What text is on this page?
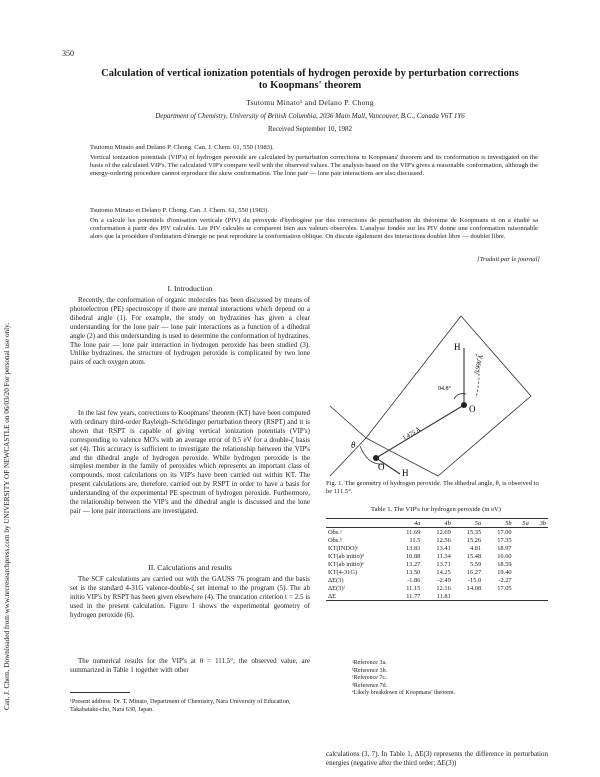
350
Calculation of vertical ionization potentials of hydrogen peroxide by perturbation corrections to Koopmans' theorem
Tsutomu Minato¹ and Delano P. Chong
Department of Chemistry, University of British Columbia, 2036 Main Mall, Vancouver, B.C., Canada V6T 1Y6
Received September 10, 1982
Tsutomu Minato and Delano P. Chong. Can. J. Chem. 61, 550 (1983).
Vertical ionization potentials (VIP's) of hydrogen peroxide are calculated by perturbation corrections to Koopmans' theorem and its conformation is investigated on the basis of the calculated VIP's. The calculated VIP's compare well with the observed values. The analysis based on the VIP's gives a reasonable conformation, although the energy-ordering procedure cannot reproduce the skew conformation. The lone pair — lone pair interactions are also discussed.
Tsutomu Minato et Delano P. Chong. Can. J. Chem. 61, 550 (1983).
On a calculé les potentiels d'ionisation verticale (PIV) du peroxyde d'hydrogène par des corrections de perturbation du théorème de Koopmans et on a étudié sa conformation à partir des PIV calculés. Les PIV calculés se comparent bien aux valeurs observées. L'analyse fondée sur les PIV donne une conformation raisonnable alors que la procédure d'ordination d'énergie ne peut reproduire la conformation oblique. On discute également des interactions doublet libre — doublet libre.
[Traduit par le journal]
Can. J. Chem. Downloaded from www.nrcresearchpress.com by UNIVERSITY OF NEWCASTLE on 06/03/20 For personal use only.
I. Introduction
Recently, the conformation of organic molecules has been discussed by means of photoelectron (PE) spectroscopy if there are mental interactions which depend on a dihedral angle (1). For example, the study on hydrazines has given a clear understanding for the lone pair — lone pair interactions as a function of a dihedral angle (2) and this understanding is used to determine the conformation of hydrazines. The lone pair — lone pair interaction in hydrogen peroxide has been studied (3). Unlike hydrazines, the structure of hydrogen peroxide is complicated by two lone pairs of each oxygen atom.
In the last few years, corrections to Koopmans' theorem (KT) have been computed with ordinary third-order Rayleigh–Schrödinger perturbation theory (RSPT) and it is shown that RSPT is capable of giving vertical ionization potentials (VIP's) corresponding to valence MO's with an average error of 0.5 eV for a double-ζ basis set (4). This accuracy is sufficient to investigate the relationship between the VIP's and the dihedral angle of hydrogen peroxide. While hydrogen peroxide is the simplest member in the family of peroxides which represents an important class of compounds, most calculations on its VIP's have been carried out within KT. The present calculations are, therefore, carried out by RSPT in order to have a basis for understanding of the experimental PE spectrum of hydrogen peroxide. Furthermore, the relationship between the VIP's and the dihedral angle is discussed and the lone pair — lone pair interactions are investigated.
II. Calculations and results
The SCF calculations are carried out with the GAUSS 76 program and the basis set is the standard 4-31G valence-double-ζ set internal to the program (5). The ab initio VIP's by RSPT has been given elsewhere (4). The truncation criterion t = 2.5 is used in the present calculation. Figure 1 shows the experimental geometry of hydrogen peroxide (6).
The numerical results for the VIP's at θ = 111.5°, the observed value, are summarized in Table 1 together with other
¹Present address: Dr. T. Minato, Department of Chemistry, Nara University of Education, Takabatake-cho, Nara 630, Japan.
H
O
O
H
θ
0.950 Å
1.475 Å
94.8°
Fig. 1. The geometry of hydrogen peroxide. The dihedral angle, θ, is observed to be 111.5°.
Table 1. The VIP's for hydrogen peroxide (in eV)
	4a	4b	5a	5b	5a	3b
Obs.ᵃ	11.69	12.69	15.35	17.00		
Obs.ᵇ	11.5	12.56	15.26	17.35		
KT(INDO)ᶜ	13.83	13.41	4.81	18.97		
KT(ab initio)ᵈ	10.88	11.34	15.48	16.60		
KT(ab initio)ᵉ	13.27	13.71	5.59	18.59		
KT(4-31G)	13.50	14.25	16.27	19.40		
ΔE(3)	-1.86	-2.49	-15.0	-2.27		
ΔE(3)ᶠ	11.15	12.16	14.08	17.05		
ΔE	11.77	11.81				
ᵃReference 3a.
ᵇReference 3b.
ᶜReference 7c.
ᵈReference 7d.
ᵉLikely breakdown of Koopmans' theorem.
calculations (3, 7). In Table 1, ΔE(3) represents the difference in perturbation energies (negative after the third order; ΔE(3))
